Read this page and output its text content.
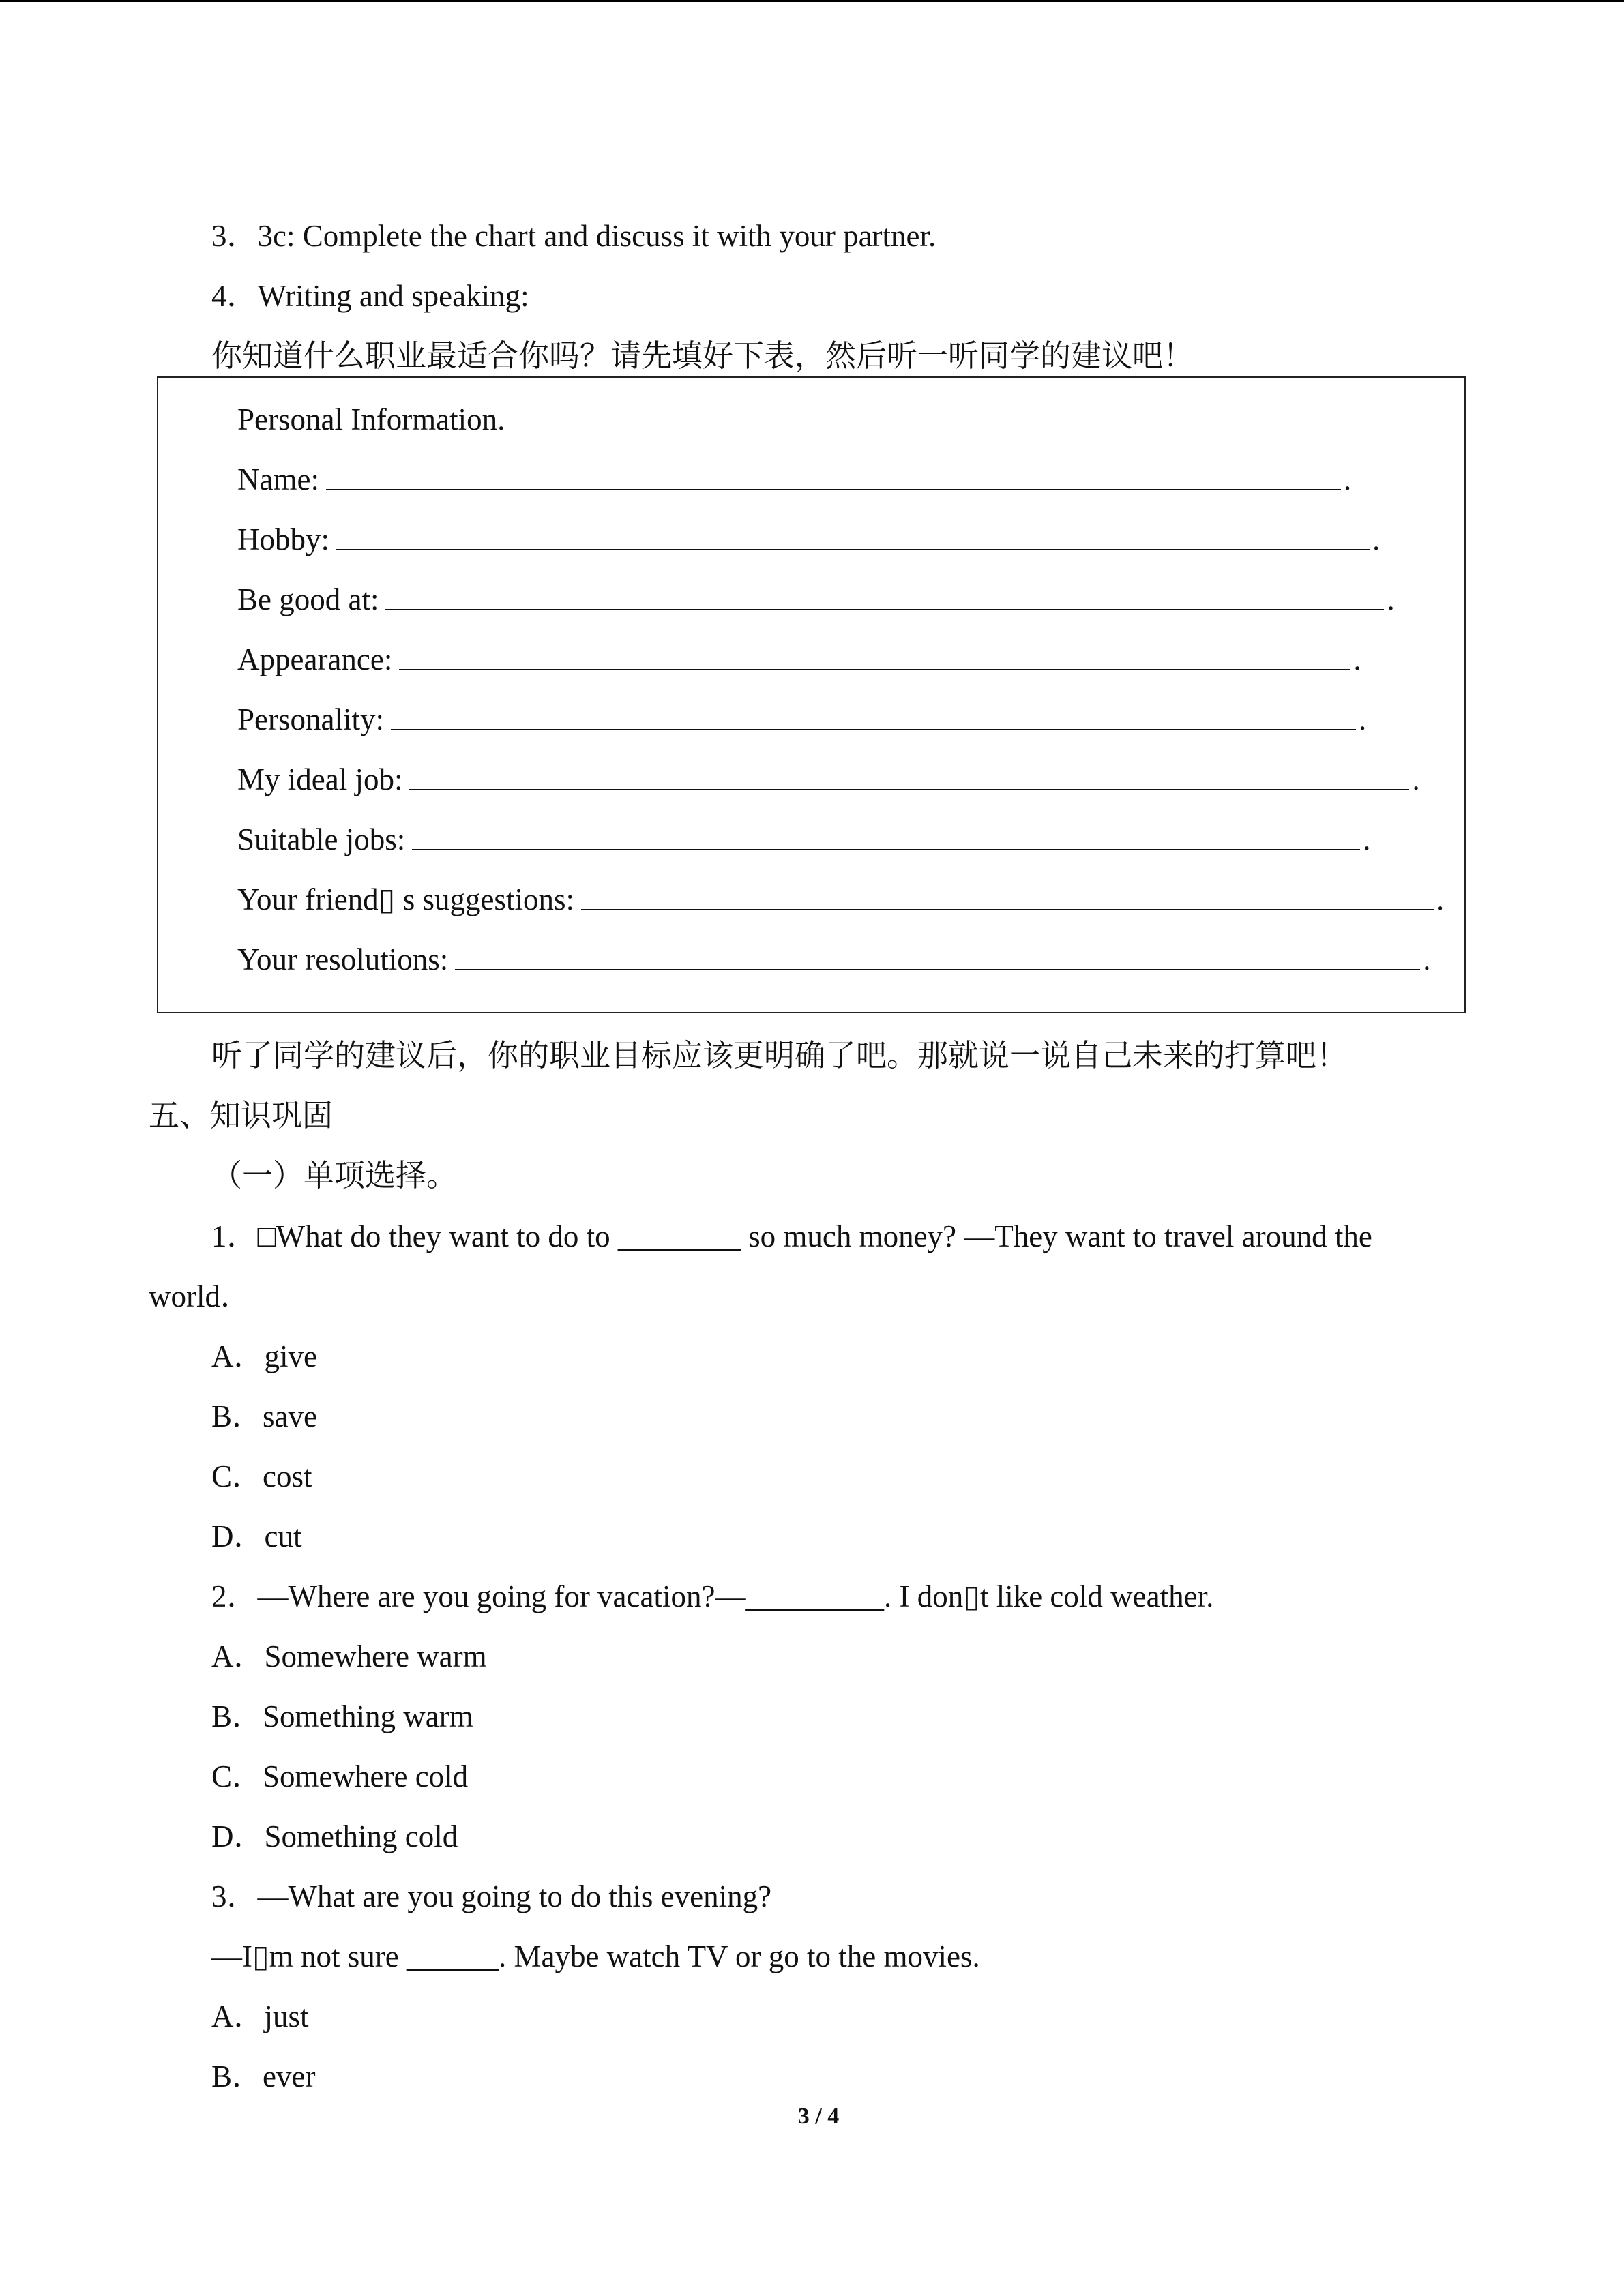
3．3c: Complete the chart and discuss it with your partner.
4．Writing and speaking:
你知道什么职业最适合你吗？请先填好下表，然后听一听同学的建议吧！
Personal Information.
Name:	.
Hobby:	.
Be good at:	.
Appearance:	.
Personality:	.
My ideal job:	.
Suitable jobs:	.
Your friend▯ s suggestions:	.
Your resolutions:	.
听了同学的建议后，你的职业目标应该更明确了吧。那就说一说自己未来的打算吧！
五、知识巩固
（一）单项选择。
1．□What do they want to do to ________ so much money? —They want to travel around the
world．
A．give
B．save
C．cost
D．cut
2．—Where are you going for vacation?—_________. I don▯t like cold weather.
A．Somewhere warm
B．Something warm
C．Somewhere cold
D．Something cold
3．—What are you going to do this evening?
—I▯m not sure ______. Maybe watch TV or go to the movies.
A．just
B．ever
3 / 4
